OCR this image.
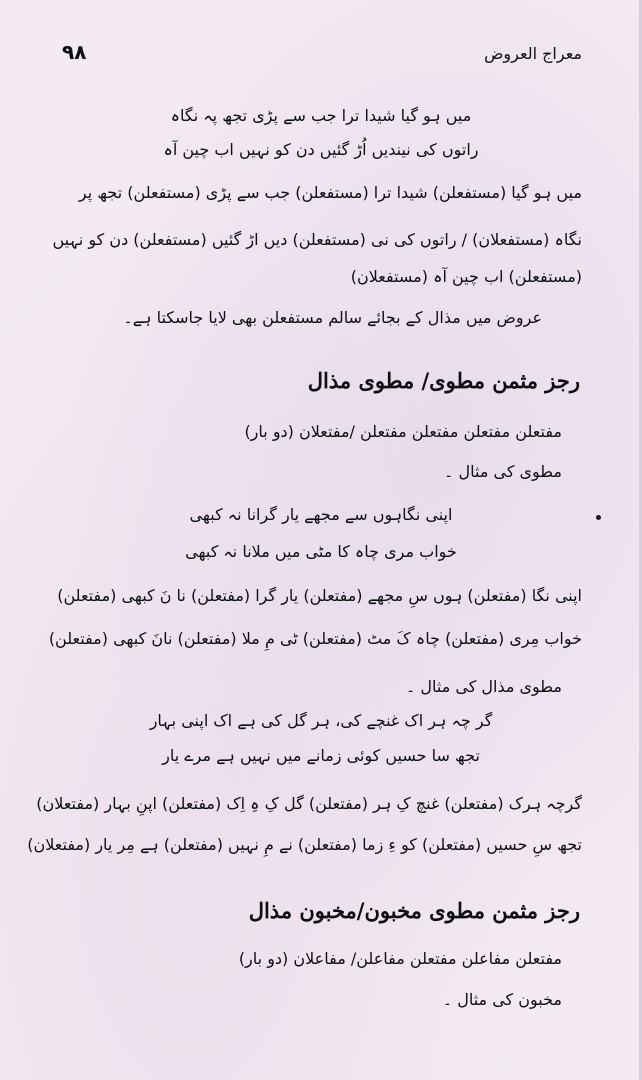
٩٨	معراج العروض
میں ہو گیا شیدا ترا جب سے پڑی تجھ پہ نگاہ
راتوں کی نیندیں اُڑ گئیں دن کو نہیں اب چین آہ
میں ہو گیا (مستفعلن) شیدا ترا (مستفعلن) جب سے پڑی (مستفعلن) تجھ پر
نگاہ (مستفعلان) / راتوں کی نی (مستفعلن) دیں اڑ گئیں (مستفعلن) دن کو نہیں
(مستفعلن) اب چین آہ (مستفعلان)
عروض میں مذال کے بجائے سالم مستفعلن بھی لایا جاسکتا ہے۔
رجز مثمن مطوی/ مطوی مذال
مفتعلن مفتعلن مفتعلن مفتعلن /مفتعلان (دو بار)
مطوی کی مثال ۔
اپنی نگاہوں سے مجھے یار گرانا نہ کبھی
خواب مری چاہ کا مٹی میں ملانا نہ کبھی
اپنی نگا (مفتعلن) ہوں سِ مجھے (مفتعلن) یار گرا (مفتعلن) نا نَ کبھی (مفتعلن)
خواب مِری (مفتعلن) چاہ کَ مٹ (مفتعلن) ٹی مِ ملا (مفتعلن) نانَ کبھی (مفتعلن)
مطوی مذال کی مثال ۔
گر چہ ہر اک غنچے کی، ہر گل کی ہے اک اپنی بہار
تجھ سا حسیں کوئی زمانے میں نہیں ہے مرے یار
گرچہ ہرک (مفتعلن) غنچ کِ ہر (مفتعلن) گل کِ ہِ اِک (مفتعلن) اپنِ بہار (مفتعلان)
تجھ سِ حسیں (مفتعلن) کو ءِ زما (مفتعلن) نے مِ نہیں (مفتعلن) ہے مِر یار (مفتعلان)
رجز مثمن مطوی مخبون/مخبون مذال
مفتعلن مفاعلن مفتعلن مفاعلن/ مفاعلان (دو بار)
مخبون کی مثال ۔
